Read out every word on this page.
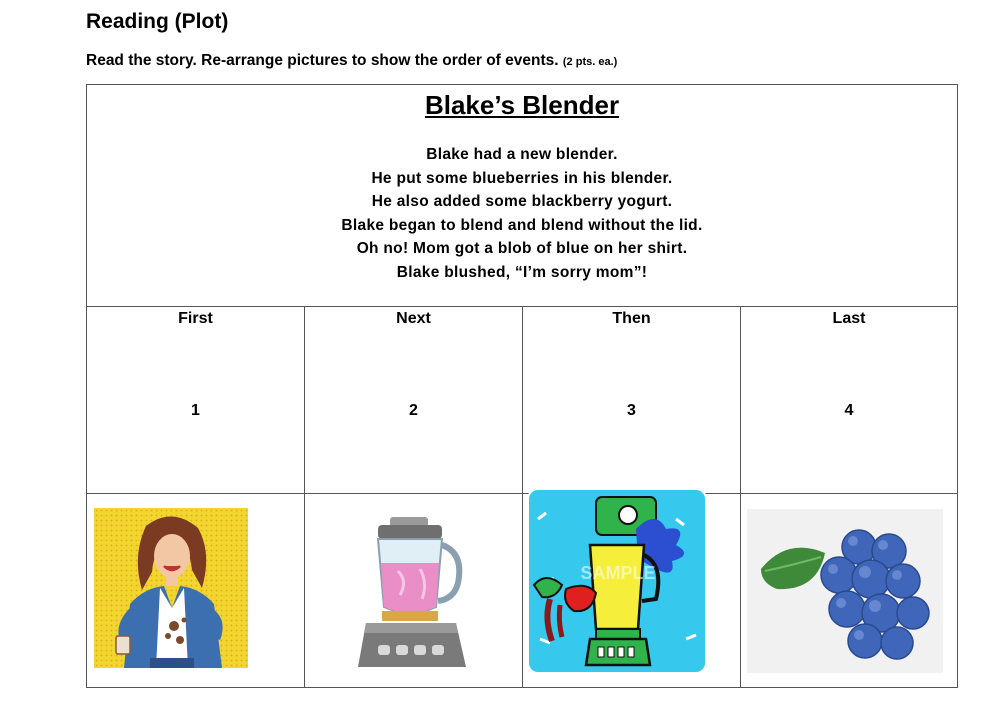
Reading (Plot)
Read the story. Re-arrange pictures to show the order of events. (2 pts. ea.)
Blake’s Blender
Blake had a new blender.
He put some blueberries in his blender.
He also added some blackberry yogurt.
Blake began to blend and blend without the lid.
Oh no! Mom got a blob of blue on her shirt.
Blake blushed, “I’m sorry mom”!
First
1
Next
2
Then
3
Last
4
SAMPLE
